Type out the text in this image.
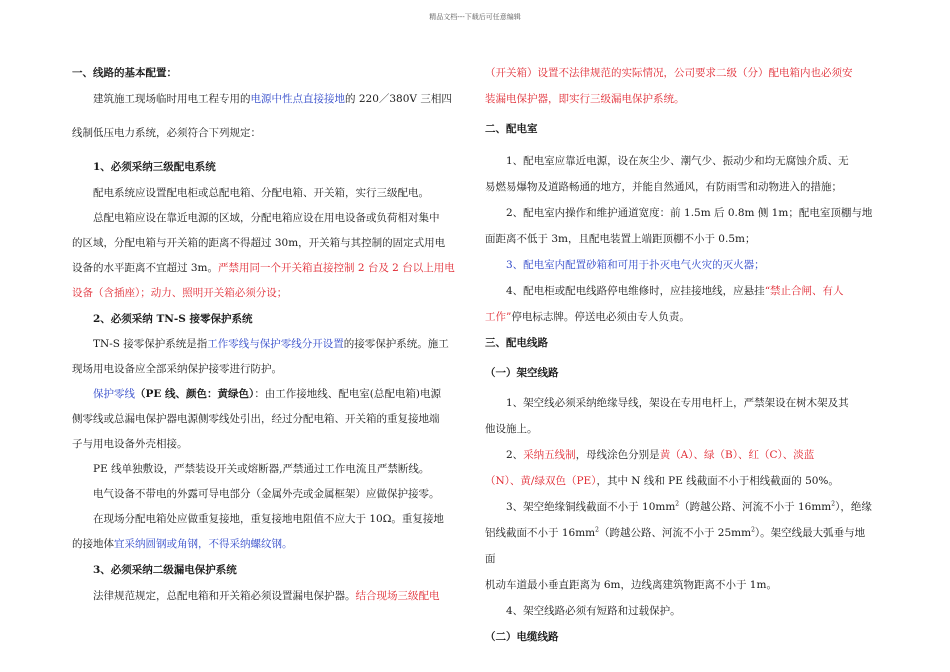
精品文档---下载后可任意编辑

一、线路的基本配置：

建筑施工现场临时用电工程专用的电源中性点直接接地的 220／380V 三相四

线制低压电力系统，必须符合下列规定：

1、必须采纳三级配电系统

配电系统应设置配电柜或总配电箱、分配电箱、开关箱，实行三级配电。

总配电箱应设在靠近电源的区域，分配电箱应设在用电设备或负荷相对集中

的区域，分配电箱与开关箱的距离不得超过 30m，开关箱与其控制的固定式用电

设备的水平距离不宜超过 3m。严禁用同一个开关箱直接控制 2 台及 2 台以上用电

设备（含插座）；动力、照明开关箱必须分设；

2、必须采纳 TN-S 接零保护系统

TN-S 接零保护系统是指工作零线与保护零线分开设置的接零保护系统。施工

现场用电设备应全部采纳保护接零进行防护。

保护零线（PE 线、颜色：黄绿色）：由工作接地线、配电室(总配电箱)电源

侧零线或总漏电保护器电源侧零线处引出，经过分配电箱、开关箱的重复接地端

子与用电设备外壳相接。

PE 线单独敷设，严禁装设开关或熔断器,严禁通过工作电流且严禁断线。

电气设备不带电的外露可导电部分（金属外壳或金属框架）应做保护接零。

在现场分配电箱处应做重复接地，重复接地电阻值不应大于 10Ω。重复接地

的接地体宜采纳圆钢或角钢，不得采纳螺纹钢。

3、必须采纳二级漏电保护系统

法律规范规定，总配电箱和开关箱必须设置漏电保护器。结合现场三级配电

（开关箱）设置不法律规范的实际情况，公司要求二级（分）配电箱内也必须安

装漏电保护器，即实行三级漏电保护系统。

二、配电室

1、配电室应靠近电源，设在灰尘少、潮气少、振动少和均无腐蚀介质、无

易燃易爆物及道路畅通的地方，并能自然通风，有防雨雪和动物进入的措施；

2、配电室内操作和维护通道宽度：前 1.5m 后 0.8m 侧 1m；配电室顶棚与地

面距离不低于 3m，且配电装置上端距顶棚不小于 0.5m；

3、配电室内配置砂箱和可用于扑灭电气火灾的灭火器；

4、配电柜或配电线路停电维修时，应挂接地线，应悬挂“禁止合闸、有人

工作”停电标志牌。停送电必须由专人负责。

三、配电线路

（一）架空线路

1、架空线必须采纳绝缘导线，架设在专用电杆上，严禁架设在树木架及其

他设施上。

2、采纳五线制，母线涂色分别是黄（A）、绿（B）、红（C）、淡蓝

（N）、黄/绿双色（PE），其中 N 线和 PE 线截面不小于相线截面的 50%。

3、架空绝缘铜线截面不小于 $10mm^2$（跨越公路、河流不小于 $16mm^2$），绝缘

铝线截面不小于 $16mm^2$（跨越公路、河流不小于 $25mm^2$）。架空线最大弧垂与地面

机动车道最小垂直距离为 6m，边线离建筑物距离不小于 1m。

4、架空线路必须有短路和过载保护。

（二）电缆线路
